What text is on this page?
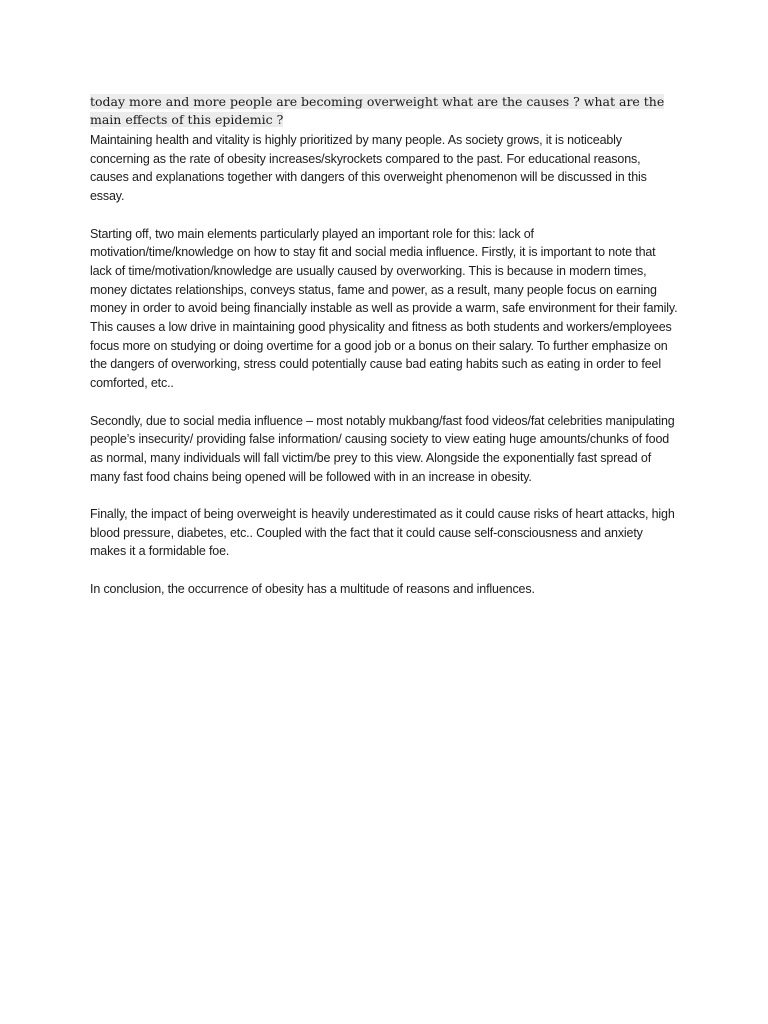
today more and more people are becoming overweight what are the causes ? what are the main effects of this epidemic ?

Maintaining health and vitality is highly prioritized by many people. As society grows, it is noticeably concerning as the rate of obesity increases/skyrockets compared to the past. For educational reasons, causes and explanations together with dangers of this overweight phenomenon will be discussed in this essay.

Starting off, two main elements particularly played an important role for this: lack of motivation/time/knowledge on how to stay fit and social media influence. Firstly, it is important to note that lack of time/motivation/knowledge are usually caused by overworking. This is because in modern times, money dictates relationships, conveys status, fame and power, as a result, many people focus on earning money in order to avoid being financially instable as well as provide a warm, safe environment for their family. This causes a low drive in maintaining good physicality and fitness as both students and workers/employees focus more on studying or doing overtime for a good job or a bonus on their salary. To further emphasize on the dangers of overworking, stress could potentially cause bad eating habits such as eating in order to feel comforted, etc..

Secondly, due to social media influence – most notably mukbang/fast food videos/fat celebrities manipulating people’s insecurity/ providing false information/ causing society to view eating huge amounts/chunks of food as normal, many individuals will fall victim/be prey to this view. Alongside the exponentially fast spread of many fast food chains being opened will be followed with in an increase in obesity.

Finally, the impact of being overweight is heavily underestimated as it could cause risks of heart attacks, high blood pressure, diabetes, etc.. Coupled with the fact that it could cause self-consciousness and anxiety makes it a formidable foe.

In conclusion, the occurrence of obesity has a multitude of reasons and influences.
